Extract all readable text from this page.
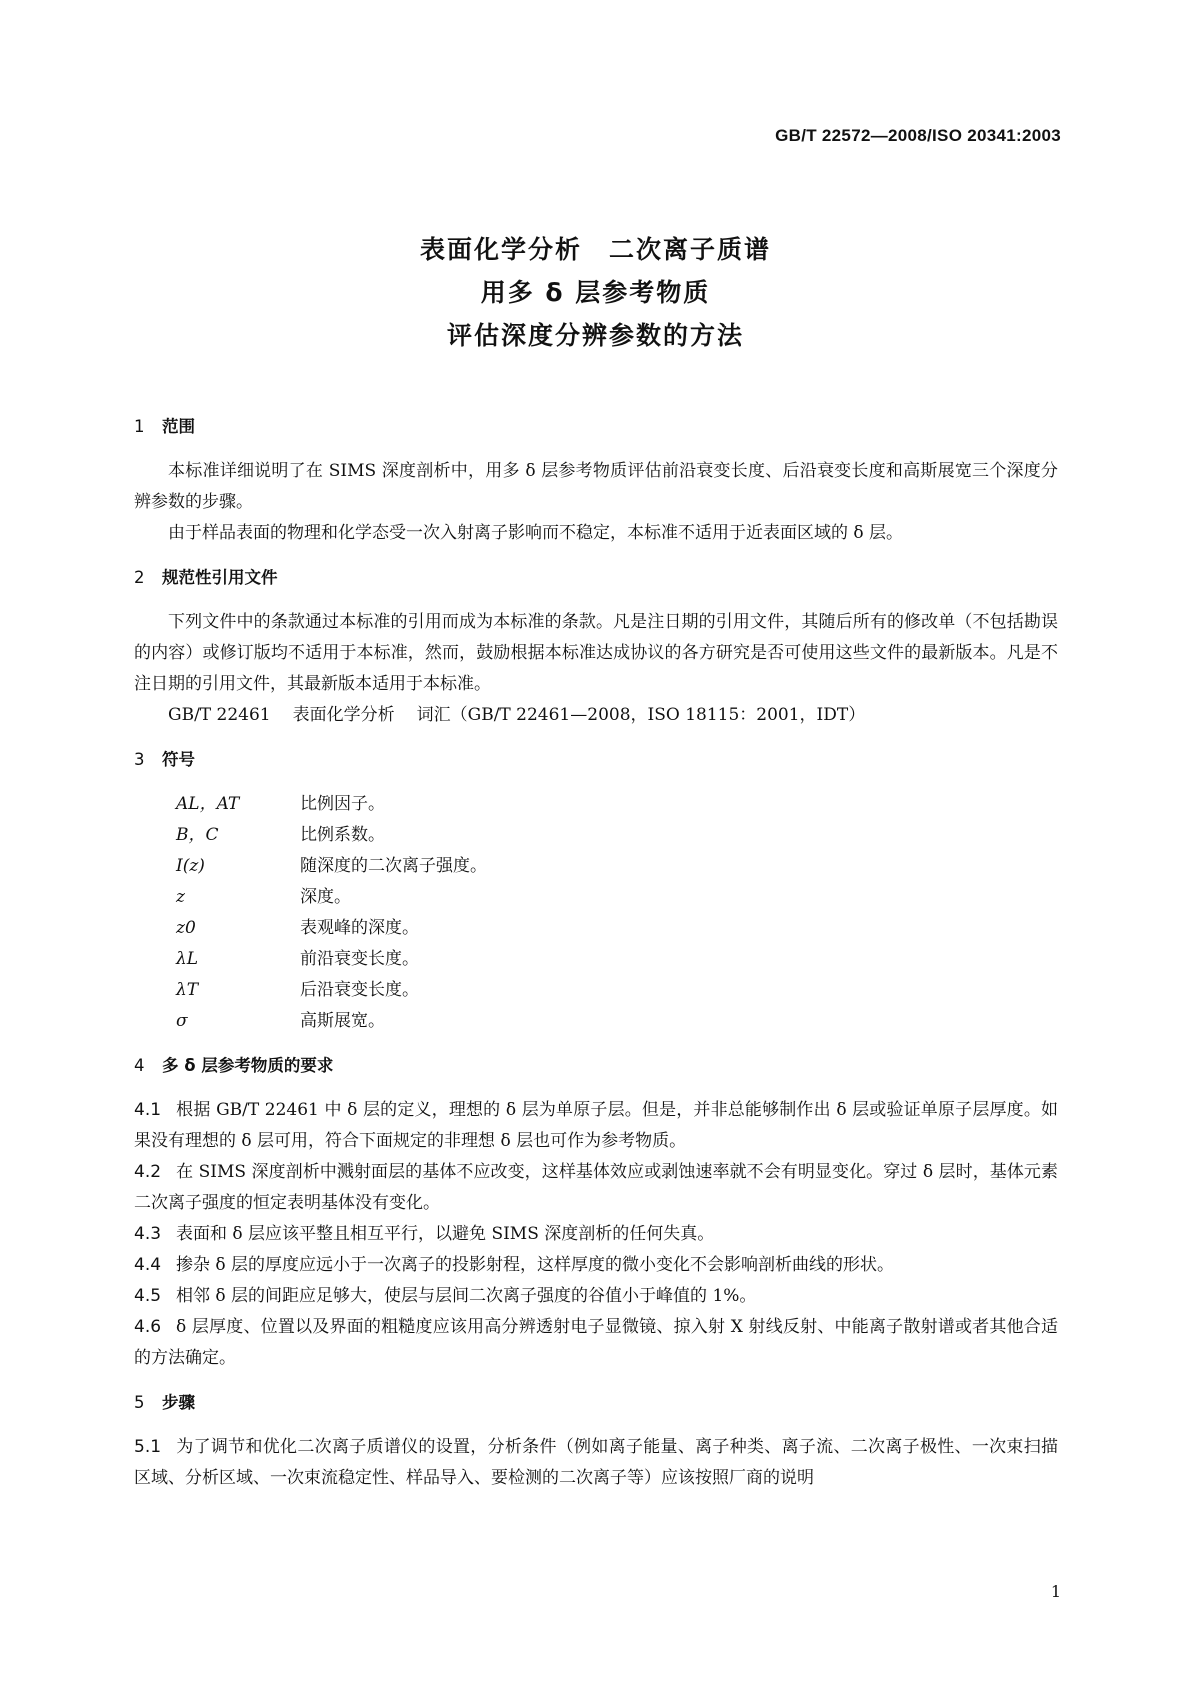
GB/T 22572—2008/ISO 20341:2003
表面化学分析　二次离子质谱
用多 δ 层参考物质
评估深度分辨参数的方法
1 范围

本标准详细说明了在 SIMS 深度剖析中，用多 δ 层参考物质评估前沿衰变长度、后沿衰变长度和高斯展宽三个深度分辨参数的步骤。

由于样品表面的物理和化学态受一次入射离子影响而不稳定，本标准不适用于近表面区域的 δ 层。

2 规范性引用文件

下列文件中的条款通过本标准的引用而成为本标准的条款。凡是注日期的引用文件，其随后所有的修改单（不包括勘误的内容）或修订版均不适用于本标准，然而，鼓励根据本标准达成协议的各方研究是否可使用这些文件的最新版本。凡是不注日期的引用文件，其最新版本适用于本标准。

GB/T 22461 表面化学分析 词汇（GB/T 22461—2008，ISO 18115：2001，IDT）

3 符号
AL，AT	比例因子。
B，C	比例系数。
I(z)	随深度的二次离子强度。
z	深度。
z0	表观峰的深度。
λL	前沿衰变长度。
λT	后沿衰变长度。
σ	高斯展宽。
4 多 δ 层参考物质的要求

4.1 根据 GB/T 22461 中 δ 层的定义，理想的 δ 层为单原子层。但是，并非总能够制作出 δ 层或验证单原子层厚度。如果没有理想的 δ 层可用，符合下面规定的非理想 δ 层也可作为参考物质。

4.2 在 SIMS 深度剖析中溅射面层的基体不应改变，这样基体效应或剥蚀速率就不会有明显变化。穿过 δ 层时，基体元素二次离子强度的恒定表明基体没有变化。

4.3 表面和 δ 层应该平整且相互平行，以避免 SIMS 深度剖析的任何失真。

4.4 掺杂 δ 层的厚度应远小于一次离子的投影射程，这样厚度的微小变化不会影响剖析曲线的形状。

4.5 相邻 δ 层的间距应足够大，使层与层间二次离子强度的谷值小于峰值的 1%。

4.6 δ 层厚度、位置以及界面的粗糙度应该用高分辨透射电子显微镜、掠入射 X 射线反射、中能离子散射谱或者其他合适的方法确定。

5 步骤

5.1 为了调节和优化二次离子质谱仪的设置，分析条件（例如离子能量、离子种类、离子流、二次离子极性、一次束扫描区域、分析区域、一次束流稳定性、样品导入、要检测的二次离子等）应该按照厂商的说明

1
